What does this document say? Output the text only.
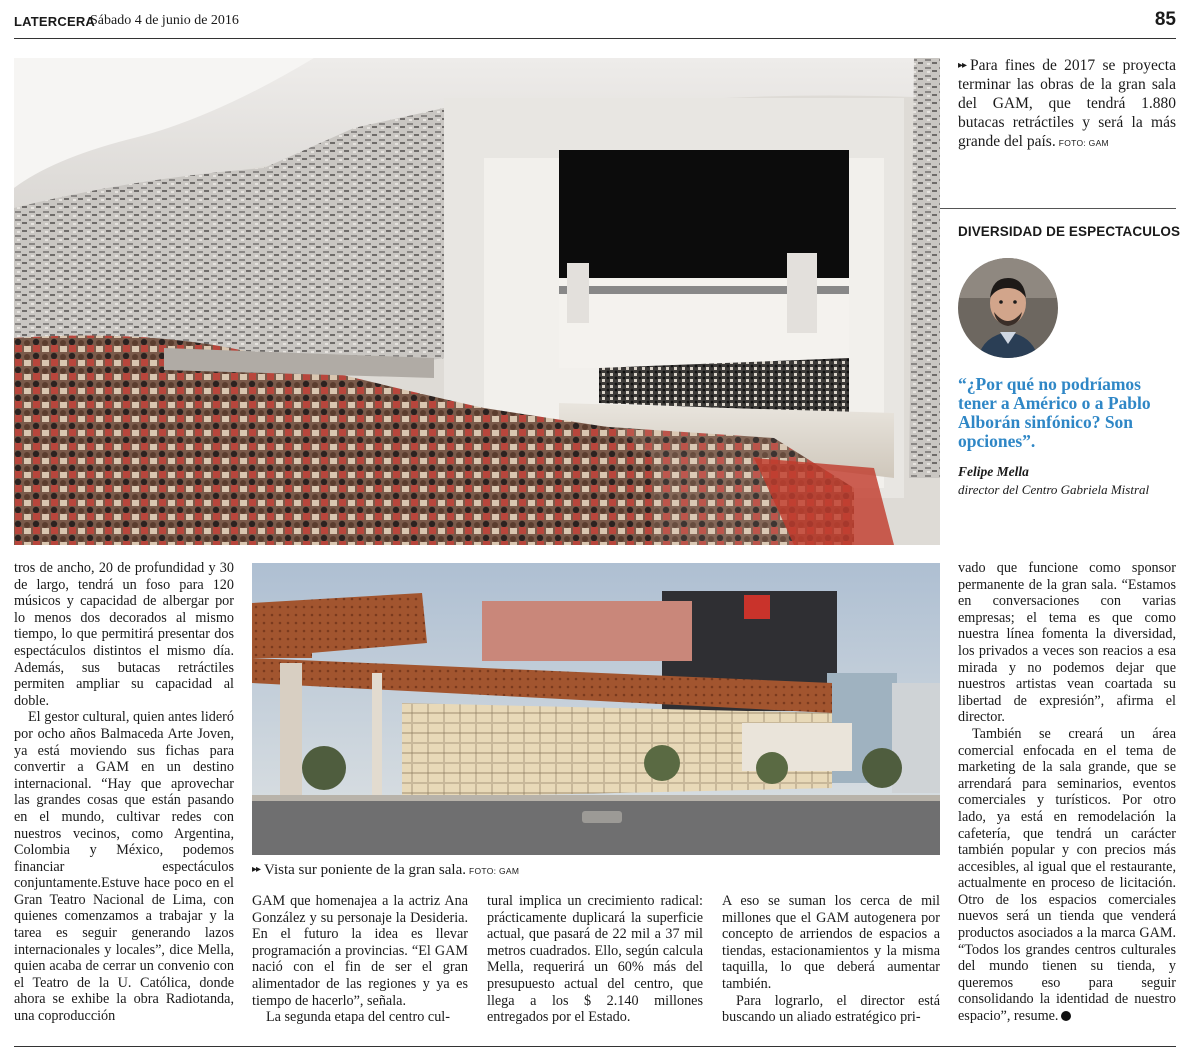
LATERCERA
Sábado 4 de junio de 2016	85
▸▸ Para fines de 2017 se proyecta terminar las obras de la gran sala del GAM, que tendrá 1.880 butacas retráctiles y será la más grande del país. FOTO: GAM
DIVERSIDAD DE ESPECTACULOS
“¿Por qué no podríamos tener a Américo o a Pablo Alborán sinfónico? Son opciones”.
Felipe Mella
director del Centro Gabriela Mistral
▸▸ Vista sur poniente de la gran sala. FOTO: GAM

tros de ancho, 20 de profundidad y 30 de largo, tendrá un foso para 120 músicos y capacidad de albergar por lo menos dos decorados al mismo tiempo, lo que permitirá presentar dos espectáculos distintos el mismo día. Además, sus butacas retráctiles permiten ampliar su capacidad al doble.

El gestor cultural, quien antes lideró por ocho años Balmaceda Arte Joven, ya está moviendo sus fichas para convertir a GAM en un destino internacional. “Hay que aprovechar las grandes cosas que están pasando en el mundo, cultivar redes con nuestros vecinos, como Argentina, Colombia y México, podemos financiar espectáculos conjuntamente.Estuve hace poco en el Gran Teatro Nacional de Lima, con quienes comenzamos a trabajar y la tarea es seguir generando lazos internacionales y locales”, dice Mella, quien acaba de cerrar un convenio con el Teatro de la U. Católica, donde ahora se exhibe la obra Radiotanda, una coproducción

GAM que homenajea a la actriz Ana González y su personaje la Desideria. En el futuro la idea es llevar programación a provincias. “El GAM nació con el fin de ser el gran alimentador de las regiones y ya es tiempo de hacerlo”, señala.

La segunda etapa del centro cul-

tural implica un crecimiento radical: prácticamente duplicará la superficie actual, que pasará de 22 mil a 37 mil metros cuadrados. Ello, según calcula Mella, requerirá un 60% más del presupuesto actual del centro, que llega a los $ 2.140 millones entregados por el Estado.

A eso se suman los cerca de mil millones que el GAM autogenera por concepto de arriendos de espacios a tiendas, estacionamientos y la misma taquilla, lo que deberá aumentar también.

Para lograrlo, el director está buscando un aliado estratégico pri-

vado que funcione como sponsor permanente de la gran sala. “Estamos en conversaciones con varias empresas; el tema es que como nuestra línea fomenta la diversidad, los privados a veces son reacios a esa mirada y no podemos dejar que nuestros artistas vean coartada su libertad de expresión”, afirma el director.

También se creará un área comercial enfocada en el tema de marketing de la sala grande, que se arrendará para seminarios, eventos comerciales y turísticos. Por otro lado, ya está en remodelación la cafetería, que tendrá un carácter también popular y con precios más accesibles, al igual que el restaurante, actualmente en proceso de licitación. Otro de los espacios comerciales nuevos será un tienda que venderá productos asociados a la marca GAM. “Todos los grandes centros culturales del mundo tienen su tienda, y queremos eso para seguir consolidando la identidad de nuestro espacio”, resume.
